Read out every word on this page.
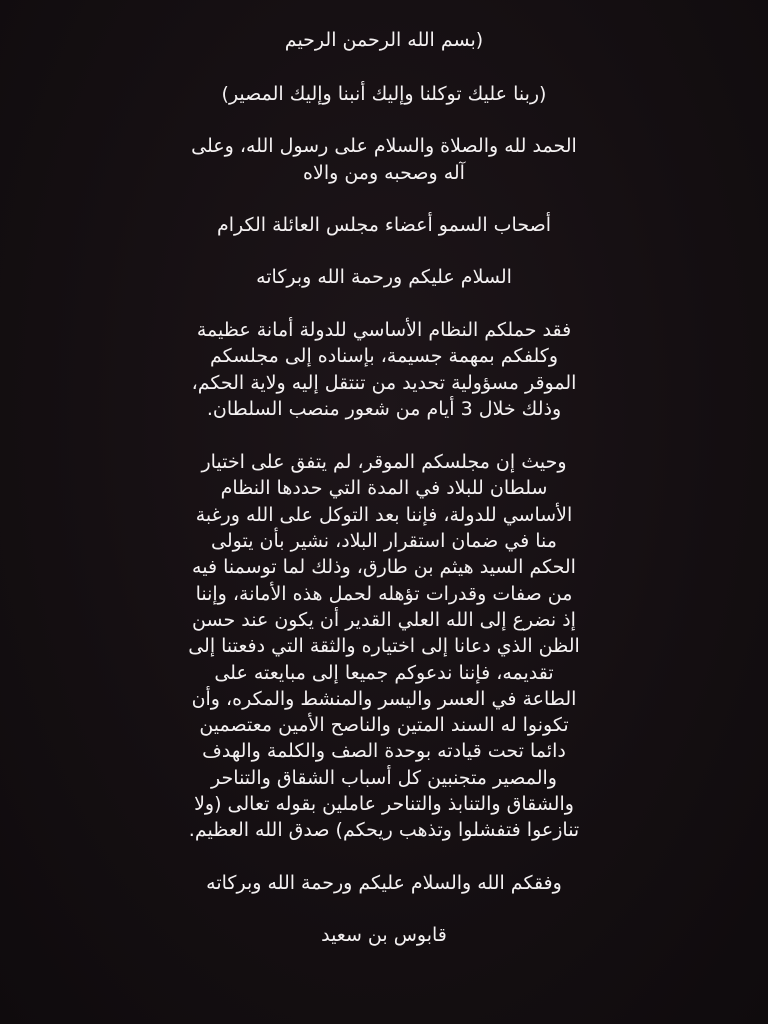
(بسم الله الرحمن الرحيم
(ربنا عليك توكلنا وإليك أنبنا وإليك المصير)
الحمد لله والصلاة والسلام على رسول الله، وعلى
آله وصحبه ومن والاه
أصحاب السمو أعضاء مجلس العائلة الكرام
السلام عليكم ورحمة الله وبركاته
فقد حملكم النظام الأساسي للدولة أمانة عظيمة
وكلفكم بمهمة جسيمة، بإسناده إلى مجلسكم
الموقر مسؤولية تحديد من تنتقل إليه ولاية الحكم،
وذلك خلال 3 أيام من شعور منصب السلطان.
وحيث إن مجلسكم الموقر، لم يتفق على اختيار
سلطان للبلاد في المدة التي حددها النظام
الأساسي للدولة، فإننا بعد التوكل على الله ورغبة
منا في ضمان استقرار البلاد، نشير بأن يتولى
الحكم السيد هيثم بن طارق، وذلك لما توسمنا فيه
من صفات وقدرات تؤهله لحمل هذه الأمانة، وإننا
إذ نضرع إلى الله العلي القدير أن يكون عند حسن
الظن الذي دعانا إلى اختياره والثقة التي دفعتنا إلى
تقديمه، فإننا ندعوكم جميعا إلى مبايعته على
الطاعة في العسر واليسر والمنشط والمكره، وأن
تكونوا له السند المتين والناصح الأمين معتصمين
دائما تحت قيادته بوحدة الصف والكلمة والهدف
والمصير متجنبين كل أسباب الشقاق والتناحر
والشقاق والتنابذ والتناحر عاملين بقوله تعالى (ولا
تنازعوا فتفشلوا وتذهب ريحكم) صدق الله العظيم.
وفقكم الله والسلام عليكم ورحمة الله وبركاته
قابوس بن سعيد
